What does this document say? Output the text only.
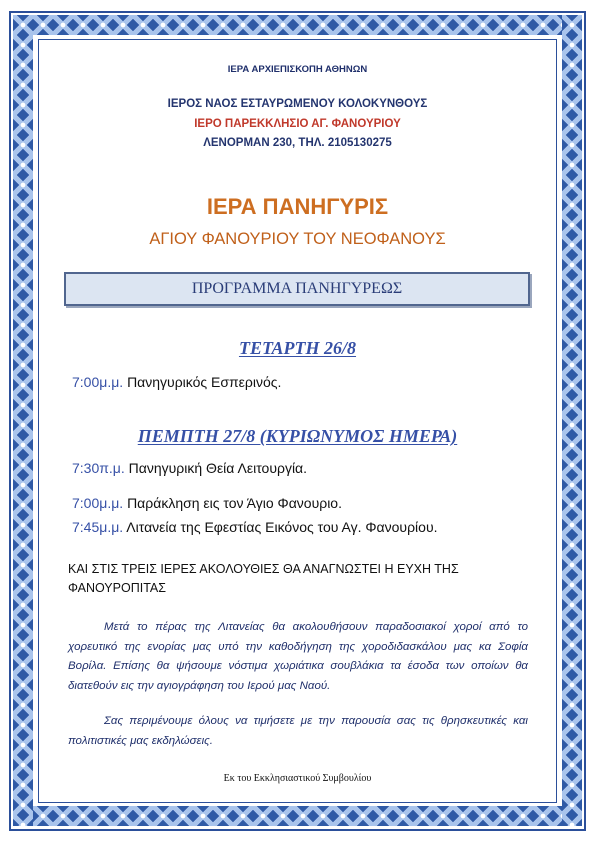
ΙΕΡΑ ΑΡΧΙΕΠΙΣΚΟΠΗ ΑΘΗΝΩΝ
ΙΕΡΟΣ ΝΑΟΣ ΕΣΤΑΥΡΩΜΕΝΟΥ ΚΟΛΟΚΥΝΘΟΥΣ
ΙΕΡΟ ΠΑΡΕΚΚΛΗΣΙΟ ΑΓ. ΦΑΝΟΥΡΙΟΥ
ΛΕΝΟΡΜΑΝ 230, ΤΗΛ. 2105130275
ΙΕΡΑ ΠΑΝΗΓΥΡΙΣ
ΑΓΙΟΥ ΦΑΝΟΥΡΙΟΥ ΤΟΥ ΝΕΟΦΑΝΟΥΣ
ΠΡΟΓΡΑΜΜΑ ΠΑΝΗΓΥΡΕΩΣ
ΤΕΤΑΡΤΗ 26/8
7:00μ.μ. Πανηγυρικός Εσπερινός.
ΠΕΜΠΤΗ 27/8 (ΚΥΡΙΩΝΥΜΟΣ ΗΜΕΡΑ)
7:30π.μ. Πανηγυρική Θεία Λειτουργία.
7:00μ.μ. Παράκληση εις τον Άγιο Φανουριο.
7:45μ.μ. Λιτανεία της Εφεστίας Εικόνος του Αγ. Φανουρίου.
ΚΑΙ ΣΤΙΣ ΤΡΕΙΣ ΙΕΡΕΣ ΑΚΟΛΟΥΘΙΕΣ ΘΑ ΑΝΑΓΝΩΣΤΕΙ Η ΕΥΧΗ ΤΗΣ ΦΑΝΟΥΡΟΠΙΤΑΣ
Μετά το πέρας της Λιτανείας θα ακολουθήσουν παραδοσιακοί χοροί από το χορευτικό της ενορίας μας υπό την καθοδήγηση της χοροδιδασκάλου μας κα Σοφία Βορίλα. Επίσης θα ψήσουμε νόστιμα χωριάτικα σουβλάκια τα έσοδα των οποίων θα διατεθούν εις την αγιογράφηση του Ιερού μας Ναού.
Σας περιμένουμε όλους να τιμήσετε με την παρουσία σας τις θρησκευτικές και πολιτιστικές μας εκδηλώσεις.
Εκ του Εκκλησιαστικού Συμβουλίου
